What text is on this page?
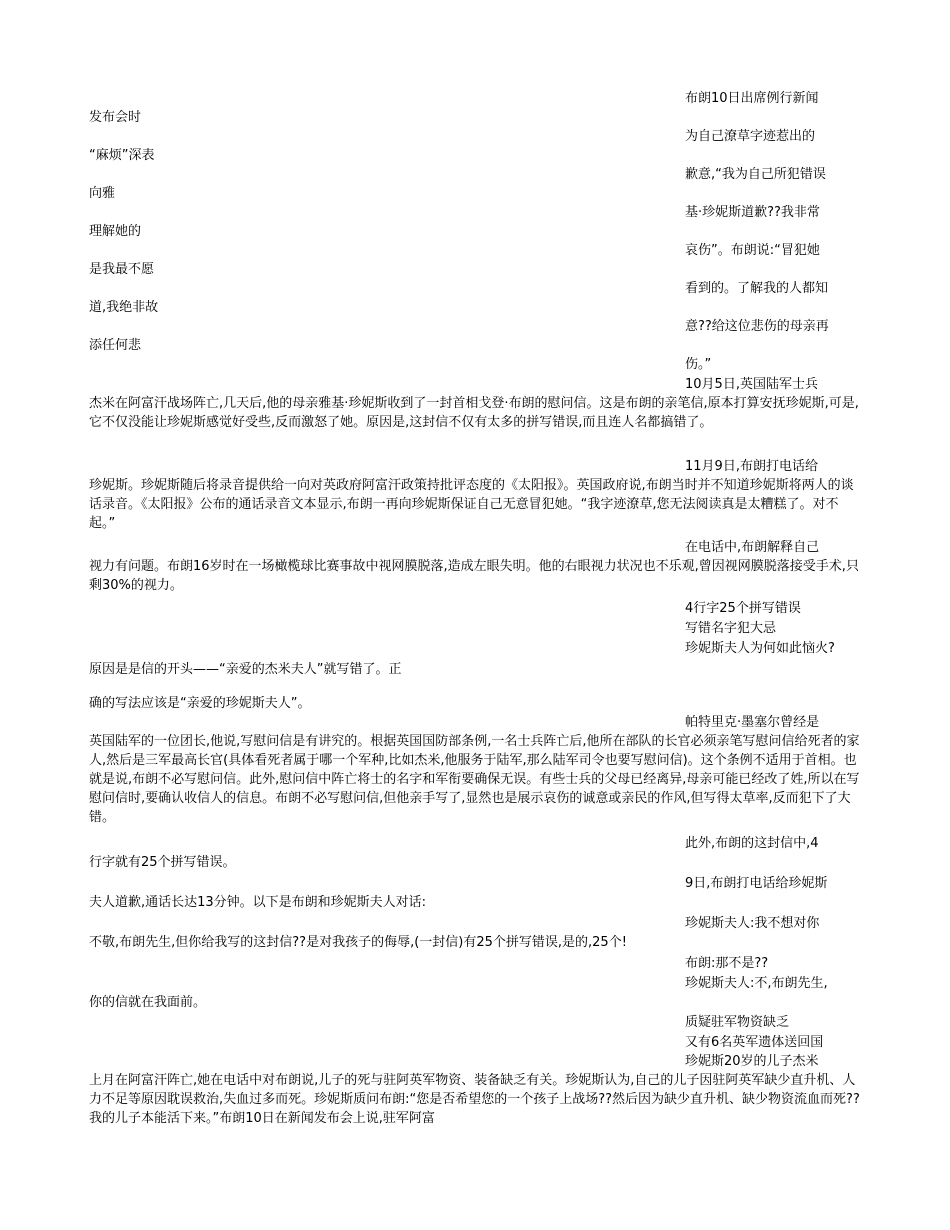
布朗10日出席例行新闻
发布会时
为自己潦草字迹惹出的
“麻烦”深表
歉意,“我为自己所犯错误
向雅
基·珍妮斯道歉??我非常
理解她的
哀伤”。布朗说:“冒犯她
是我最不愿
看到的。了解我的人都知
道,我绝非故
意??给这位悲伤的母亲再
添任何悲
伤。”
10月5日,英国陆军士兵
杰米在阿富汗战场阵亡,几天后,他的母亲雅基·珍妮斯收到了一封首相戈登·布朗的慰问信。这是布朗的亲笔信,原本打算安抚珍妮斯,可是,它不仅没能让珍妮斯感觉好受些,反而激怒了她。原因是,这封信不仅有太多的拼写错误,而且连人名都搞错了。
11月9日,布朗打电话给
珍妮斯。珍妮斯随后将录音提供给一向对英政府阿富汗政策持批评态度的《太阳报》。英国政府说,布朗当时并不知道珍妮斯将两人的谈话录音。《太阳报》公布的通话录音文本显示,布朗一再向珍妮斯保证自己无意冒犯她。“我字迹潦草,您无法阅读真是太糟糕了。对不起。”
在电话中,布朗解释自己
视力有问题。布朗16岁时在一场橄榄球比赛事故中视网膜脱落,造成左眼失明。他的右眼视力状况也不乐观,曾因视网膜脱落接受手术,只剩30%的视力。
4行字25个拼写错误
写错名字犯大忌
珍妮斯夫人为何如此恼火?
原因是是信的开头——“亲爱的杰米夫人”就写错了。正
确的写法应该是“亲爱的珍妮斯夫人”。
帕特里克·墨塞尔曾经是
英国陆军的一位团长,他说,写慰问信是有讲究的。根据英国国防部条例,一名士兵阵亡后,他所在部队的长官必须亲笔写慰问信给死者的家人,然后是三军最高长官(具体看死者属于哪一个军种,比如杰米,他服务于陆军,那么陆军司令也要写慰问信)。这个条例不适用于首相。也就是说,布朗不必写慰问信。此外,慰问信中阵亡将士的名字和军衔要确保无误。有些士兵的父母已经离异,母亲可能已经改了姓,所以在写慰问信时,要确认收信人的信息。布朗不必写慰问信,但他亲手写了,显然也是展示哀伤的诚意或亲民的作风,但写得太草率,反而犯下了大错。
此外,布朗的这封信中,4
行字就有25个拼写错误。
9日,布朗打电话给珍妮斯
夫人道歉,通话长达13分钟。以下是布朗和珍妮斯夫人对话:
珍妮斯夫人:我不想对你
不敬,布朗先生,但你给我写的这封信??是对我孩子的侮辱,(一封信)有25个拼写错误,是的,25个!
布朗:那不是??
珍妮斯夫人:不,布朗先生,
你的信就在我面前。
质疑驻军物资缺乏
又有6名英军遗体送回国
珍妮斯20岁的儿子杰米
上月在阿富汗阵亡,她在电话中对布朗说,儿子的死与驻阿英军物资、装备缺乏有关。珍妮斯认为,自己的儿子因驻阿英军缺少直升机、人力不足等原因耽误救治,失血过多而死。珍妮斯质问布朗:“您是否希望您的一个孩子上战场??然后因为缺少直升机、缺少物资流血而死??我的儿子本能活下来。”布朗10日在新闻发布会上说,驻军阿富
